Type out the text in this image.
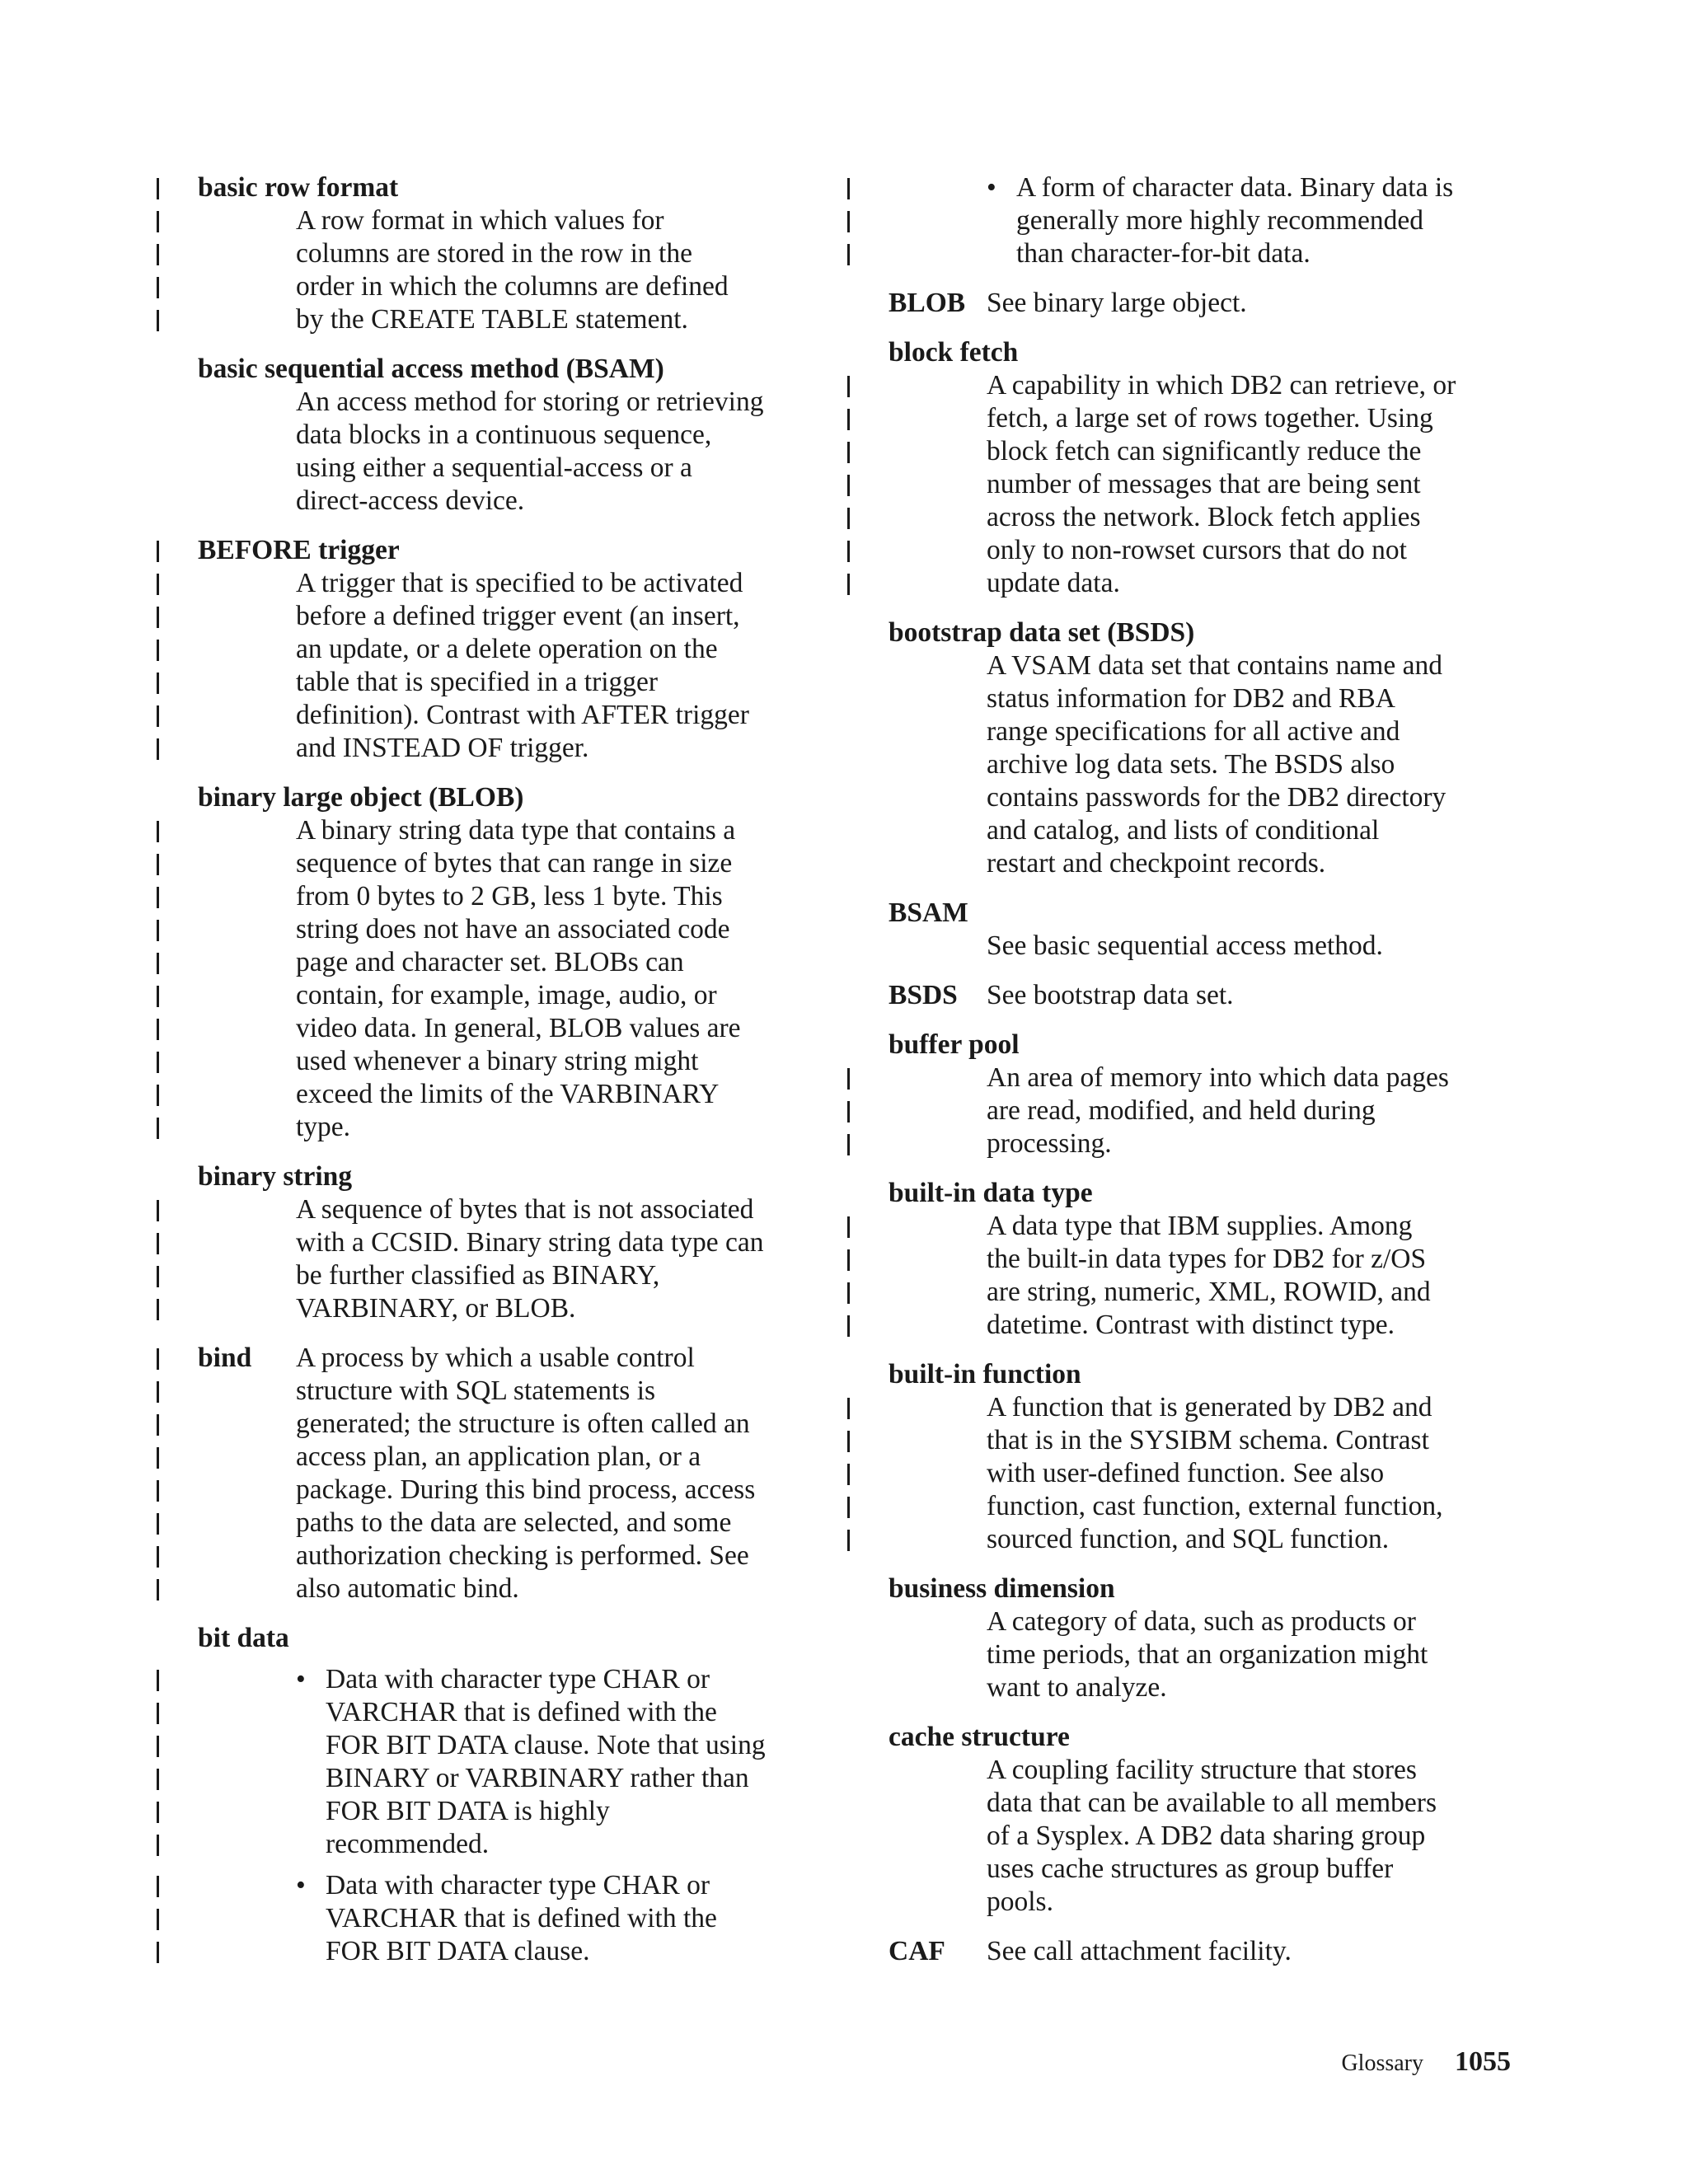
basic row format
A row format in which values for
columns are stored in the row in the
order in which the columns are defined
by the CREATE TABLE statement.
basic sequential access method (BSAM)
An access method for storing or retrieving
data blocks in a continuous sequence,
using either a sequential-access or a
direct-access device.
BEFORE trigger
A trigger that is specified to be activated
before a defined trigger event (an insert,
an update, or a delete operation on the
table that is specified in a trigger
definition). Contrast with AFTER trigger
and INSTEAD OF trigger.
binary large object (BLOB)
A binary string data type that contains a
sequence of bytes that can range in size
from 0 bytes to 2 GB, less 1 byte. This
string does not have an associated code
page and character set. BLOBs can
contain, for example, image, audio, or
video data. In general, BLOB values are
used whenever a binary string might
exceed the limits of the VARBINARY
type.
binary string
A sequence of bytes that is not associated
with a CCSID. Binary string data type can
be further classified as BINARY,
VARBINARY, or BLOB.
bind A process by which a usable control
structure with SQL statements is
generated; the structure is often called an
access plan, an application plan, or a
package. During this bind process, access
paths to the data are selected, and some
authorization checking is performed. See
also automatic bind.
bit data
• Data with character type CHAR or
VARCHAR that is defined with the
FOR BIT DATA clause. Note that using
BINARY or VARBINARY rather than
FOR BIT DATA is highly
recommended.
• Data with character type CHAR or
VARCHAR that is defined with the
FOR BIT DATA clause.
• A form of character data. Binary data is
generally more highly recommended
than character-for-bit data.
BLOB See binary large object.
block fetch
A capability in which DB2 can retrieve, or
fetch, a large set of rows together. Using
block fetch can significantly reduce the
number of messages that are being sent
across the network. Block fetch applies
only to non-rowset cursors that do not
update data.
bootstrap data set (BSDS)
A VSAM data set that contains name and
status information for DB2 and RBA
range specifications for all active and
archive log data sets. The BSDS also
contains passwords for the DB2 directory
and catalog, and lists of conditional
restart and checkpoint records.
BSAM
See basic sequential access method.
BSDS See bootstrap data set.
buffer pool
An area of memory into which data pages
are read, modified, and held during
processing.
built-in data type
A data type that IBM supplies. Among
the built-in data types for DB2 for z/OS
are string, numeric, XML, ROWID, and
datetime. Contrast with distinct type.
built-in function
A function that is generated by DB2 and
that is in the SYSIBM schema. Contrast
with user-defined function. See also
function, cast function, external function,
sourced function, and SQL function.
business dimension
A category of data, such as products or
time periods, that an organization might
want to analyze.
cache structure
A coupling facility structure that stores
data that can be available to all members
of a Sysplex. A DB2 data sharing group
uses cache structures as group buffer
pools.
CAF See call attachment facility.
Glossary 1055
